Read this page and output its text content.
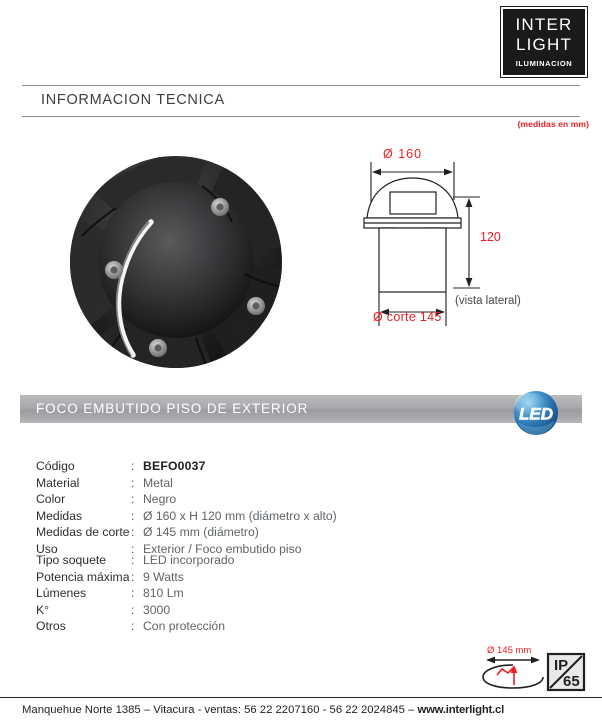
INTER
LIGHT
ILUMINACION
INFORMACION TECNICA
(medidas en mm)
Ø 160
120
Ø corte 145
(vista lateral)
FOCO EMBUTIDO PISO DE EXTERIOR	LED
Código	: BEFO0037
Material	: Metal
Color	: Negro
Medidas	: Ø 160 x H 120 mm (diámetro x alto)
Medidas de corte : Ø 145 mm (diámetro)
Uso	: Exterior / Foco embutido piso
Tipo soquete	: LED incorporado
Potencia máxima : 9 Watts
Lúmenes	: 810 Lm
K°	: 3000
Otros	: Con protección
Ø 145 mm
IP
65
Manquehue Norte 1385 – Vitacura - ventas: 56 22 2207160 - 56 22 2024845 – www.interlight.cl
